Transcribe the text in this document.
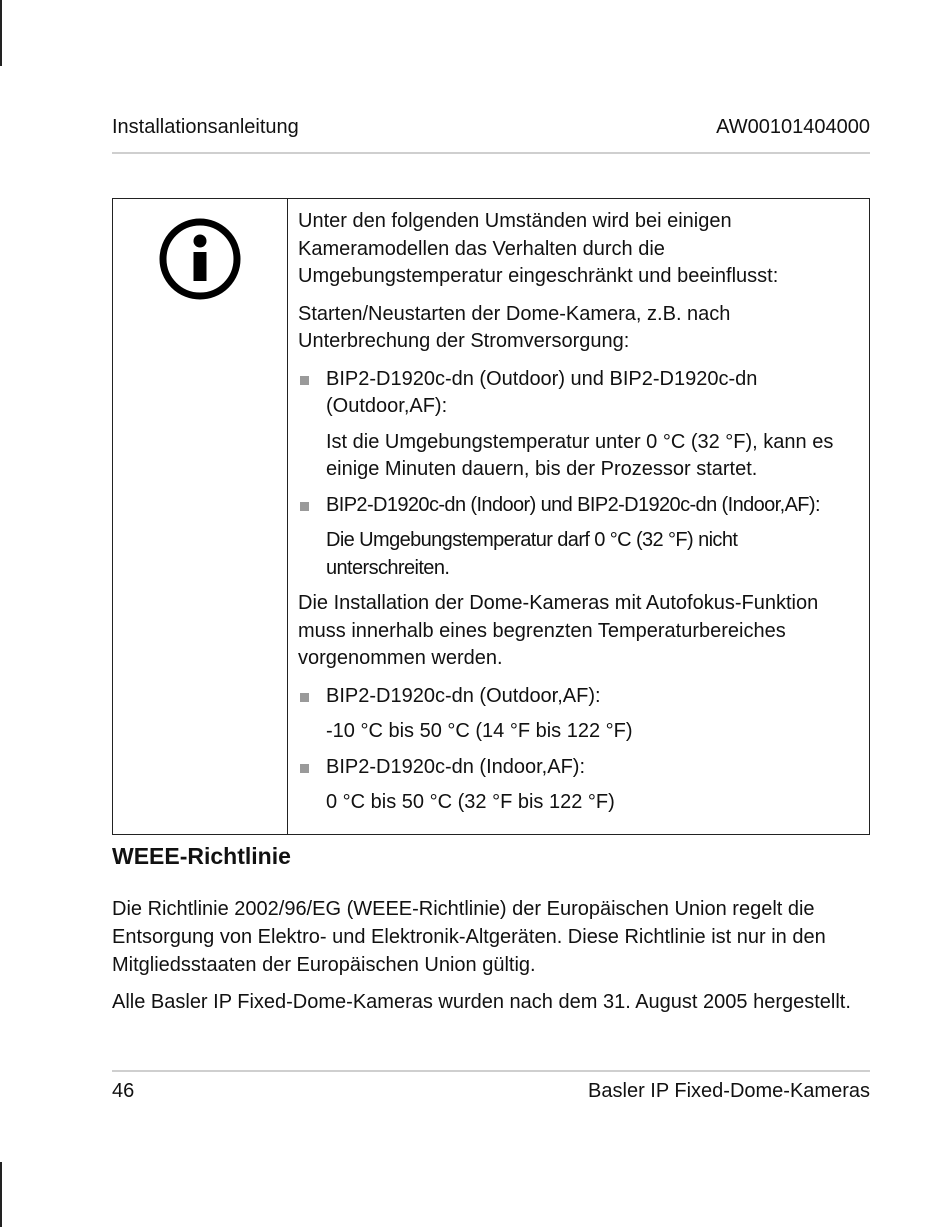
Installationsanleitung	AW00101404000

Unter den folgenden Umständen wird bei einigen Kameramodellen das Verhalten durch die Umgebungstemperatur eingeschränkt und beeinflusst:

Starten/Neustarten der Dome-Kamera, z.B. nach Unterbrechung der Stromversorgung:

BIP2-D1920c-dn (Outdoor) und BIP2-D1920c-dn (Outdoor,AF):
Ist die Umgebungstemperatur unter 0 °C (32 °F), kann es einige Minuten dauern, bis der Prozessor startet.
BIP2-D1920c-dn (Indoor) und BIP2-D1920c-dn (Indoor,AF):
Die Umgebungstemperatur darf 0 °C (32 °F) nicht unterschreiten.

Die Installation der Dome-Kameras mit Autofokus-Funktion muss innerhalb eines begrenzten Temperaturbereiches vorgenommen werden.

BIP2-D1920c-dn (Outdoor,AF):
-10 °C bis 50 °C (14 °F bis 122 °F)
BIP2-D1920c-dn (Indoor,AF):
0 °C bis 50 °C (32 °F bis 122 °F)
WEEE-Richtlinie

Die Richtlinie 2002/96/EG (WEEE-Richtlinie) der Europäischen Union regelt die Entsorgung von Elektro- und Elektronik-Altgeräten. Diese Richtlinie ist nur in den Mitgliedsstaaten der Europäischen Union gültig.

Alle Basler IP Fixed-Dome-Kameras wurden nach dem 31. August 2005 hergestellt.

46	Basler IP Fixed-Dome-Kameras
